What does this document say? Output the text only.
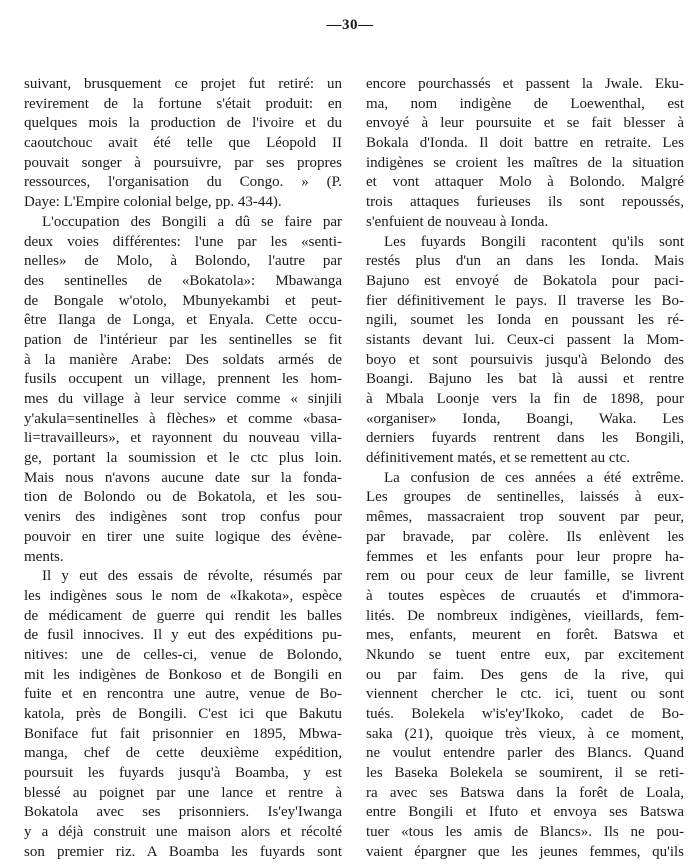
—30—
suivant, brusquement ce projet fut retiré: un
revirement de la fortune s'était produit: en
quelques mois la production de l'ivoire et du
caoutchouc avait été telle que Léopold II
pouvait songer à poursuivre, par ses propres
ressources, l'organisation du Congo. » (P.
Daye: L'Empire colonial belge, pp. 43-44).
L'occupation des Bongili a dû se faire par
deux voies différentes: l'une par les «senti-
nelles» de Molo, à Bolondo, l'autre par
des sentinelles de «Bokatola»: Mbawanga
de Bongale w'otolo, Mbunyekambi et peut-
être Ilanga de Longa, et Enyala. Cette occu-
pation de l'intérieur par les sentinelles se fit
à la manière Arabe: Des soldats armés de
fusils occupent un village, prennent les hom-
mes du village à leur service comme « sinjili
y'akula=sentinelles à flèches» et comme «basa-
li=travailleurs», et rayonnent du nouveau villa-
ge, portant la soumission et le ctc plus loin.
Mais nous n'avons aucune date sur la fonda-
tion de Bolondo ou de Bokatola, et les sou-
venirs des indigènes sont trop confus pour
pouvoir en tirer une suite logique des évène-
ments.
Il y eut des essais de révolte, résumés par
les indigènes sous le nom de «Ikakota», espèce
de médicament de guerre qui rendit les balles
de fusil innocives. Il y eut des expéditions pu-
nitives: une de celles-ci, venue de Bolondo,
mit les indigènes de Bonkoso et de Bongili en
fuite et en rencontra une autre, venue de Bo-
katola, près de Bongili. C'est ici que Bakutu
Boniface fut fait prisonnier en 1895, Mbwa-
manga, chef de cette deuxième expédition,
poursuit les fuyards jusqu'à Boamba, y est
blessé au poignet par une lance et rentre à
Bokatola avec ses prisonniers. Is'ey'Iwanga
y a déjà construit une maison alors et récolté
son premier riz. A Boamba les fuyards sont
encore pourchassés et passent la Jwale. Eku-
ma, nom indigène de Loewenthal, est
envoyé à leur poursuite et se fait blesser à
Bokala d'Ionda. Il doit battre en retraite. Les
indigènes se croient les maîtres de la situation
et vont attaquer Molo à Bolondo. Malgré
trois attaques furieuses ils sont repoussés,
s'enfuient de nouveau à Ionda.
Les fuyards Bongili racontent qu'ils sont
restés plus d'un an dans les Ionda. Mais
Bajuno est envoyé de Bokatola pour paci-
fier définitivement le pays. Il traverse les Bo-
ngili, soumet les Ionda en poussant les ré-
sistants devant lui. Ceux-ci passent la Mom-
boyo et sont poursuivis jusqu'à Belondo des
Boangi. Bajuno les bat là aussi et rentre
à Mbala Loonje vers la fin de 1898, pour
«organiser» Ionda, Boangi, Waka. Les
derniers fuyards rentrent dans les Bongili,
définitivement matés, et se remettent au ctc.
La confusion de ces années a été extrême.
Les groupes de sentinelles, laissés à eux-
mêmes, massacraient trop souvent par peur,
par bravade, par colère. Ils enlèvent les
femmes et les enfants pour leur propre ha-
rem ou pour ceux de leur famille, se livrent
à toutes espèces de cruautés et d'immora-
lités. De nombreux indigènes, vieillards, fem-
mes, enfants, meurent en forêt. Batswa et
Nkundo se tuent entre eux, par excitement
ou par faim. Des gens de la rive, qui
viennent chercher le ctc. ici, tuent ou sont
tués. Bolekela w'is'ey'Ikoko, cadet de Bo-
saka (21), quoique très vieux, à ce moment,
ne voulut entendre parler des Blancs. Quand
les Baseka Bolekela se soumirent, il se reti-
ra avec ses Batswa dans la forêt de Loala,
entre Bongili et Ifuto et envoya ses Batswa
tuer «tous les amis de Blancs». Ils ne pou-
vaient épargner que les jeunes femmes, qu'ils
